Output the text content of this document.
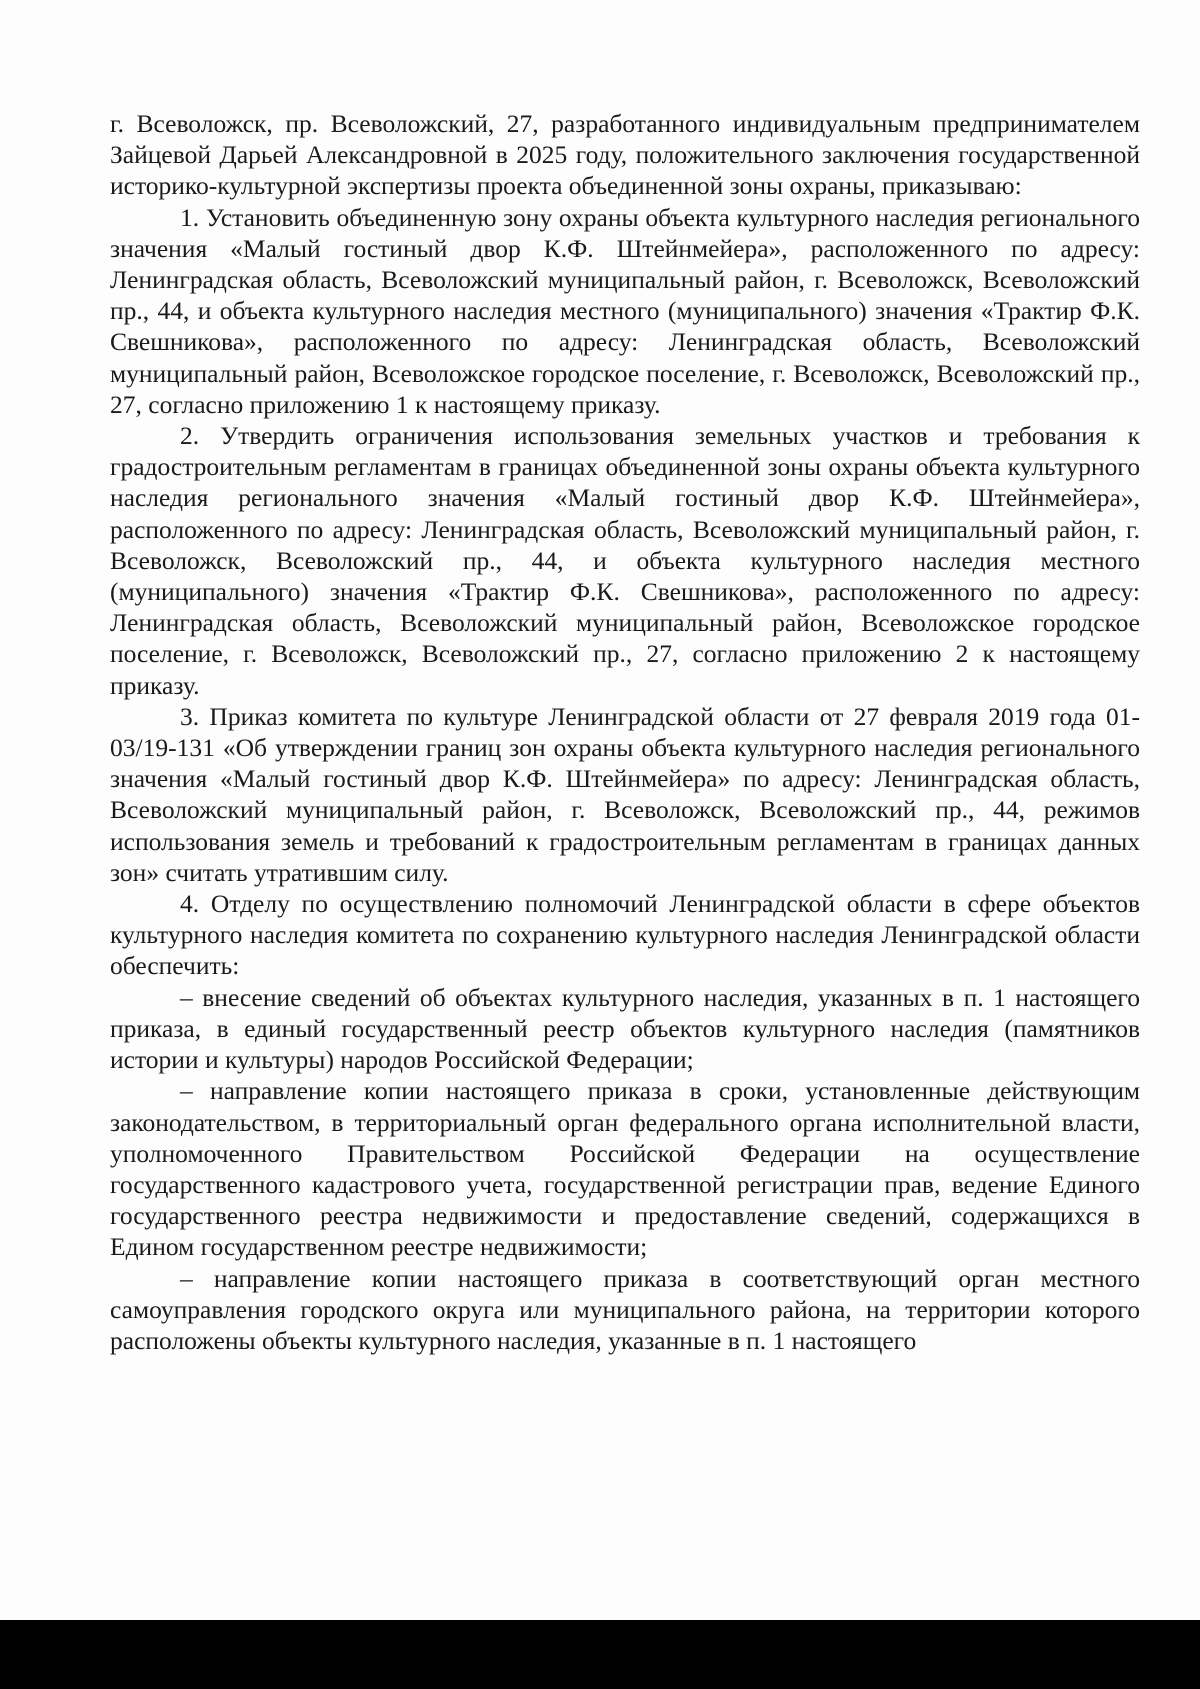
г. Всеволожск, пр. Всеволожский, 27, разработанного индивидуальным предпринимателем Зайцевой Дарьей Александровной в 2025 году, положительного заключения государственной историко-культурной экспертизы проекта объединенной зоны охраны, приказываю:

1. Установить объединенную зону охраны объекта культурного наследия регионального значения «Малый гостиный двор К.Ф. Штейнмейера», расположенного по адресу: Ленинградская область, Всеволожский муниципальный район, г. Всеволожск, Всеволожский пр., 44, и объекта культурного наследия местного (муниципального) значения «Трактир Ф.К. Свешникова», расположенного по адресу: Ленинградская область, Всеволожский муниципальный район, Всеволожское городское поселение, г. Всеволожск, Всеволожский пр., 27, согласно приложению 1 к настоящему приказу.

2. Утвердить ограничения использования земельных участков и требования к градостроительным регламентам в границах объединенной зоны охраны объекта культурного наследия регионального значения «Малый гостиный двор К.Ф. Штейнмейера», расположенного по адресу: Ленинградская область, Всеволожский муниципальный район, г. Всеволожск, Всеволожский пр., 44, и объекта культурного наследия местного (муниципального) значения «Трактир Ф.К. Свешникова», расположенного по адресу: Ленинградская область, Всеволожский муниципальный район, Всеволожское городское поселение, г. Всеволожск, Всеволожский пр., 27, согласно приложению 2 к настоящему приказу.

3. Приказ комитета по культуре Ленинградской области от 27 февраля 2019 года 01-03/19-131 «Об утверждении границ зон охраны объекта культурного наследия регионального значения «Малый гостиный двор К.Ф. Штейнмейера» по адресу: Ленинградская область, Всеволожский муниципальный район, г. Всеволожск, Всеволожский пр., 44, режимов использования земель и требований к градостроительным регламентам в границах данных зон» считать утратившим силу.

4. Отделу по осуществлению полномочий Ленинградской области в сфере объектов культурного наследия комитета по сохранению культурного наследия Ленинградской области обеспечить:

– внесение сведений об объектах культурного наследия, указанных в п. 1 настоящего приказа, в единый государственный реестр объектов культурного наследия (памятников истории и культуры) народов Российской Федерации;

– направление копии настоящего приказа в сроки, установленные действующим законодательством, в территориальный орган федерального органа исполнительной власти, уполномоченного Правительством Российской Федерации на осуществление государственного кадастрового учета, государственной регистрации прав, ведение Единого государственного реестра недвижимости и предоставление сведений, содержащихся в Едином государственном реестре недвижимости;

– направление копии настоящего приказа в соответствующий орган местного самоуправления городского округа или муниципального района, на территории которого расположены объекты культурного наследия, указанные в п. 1 настоящего
